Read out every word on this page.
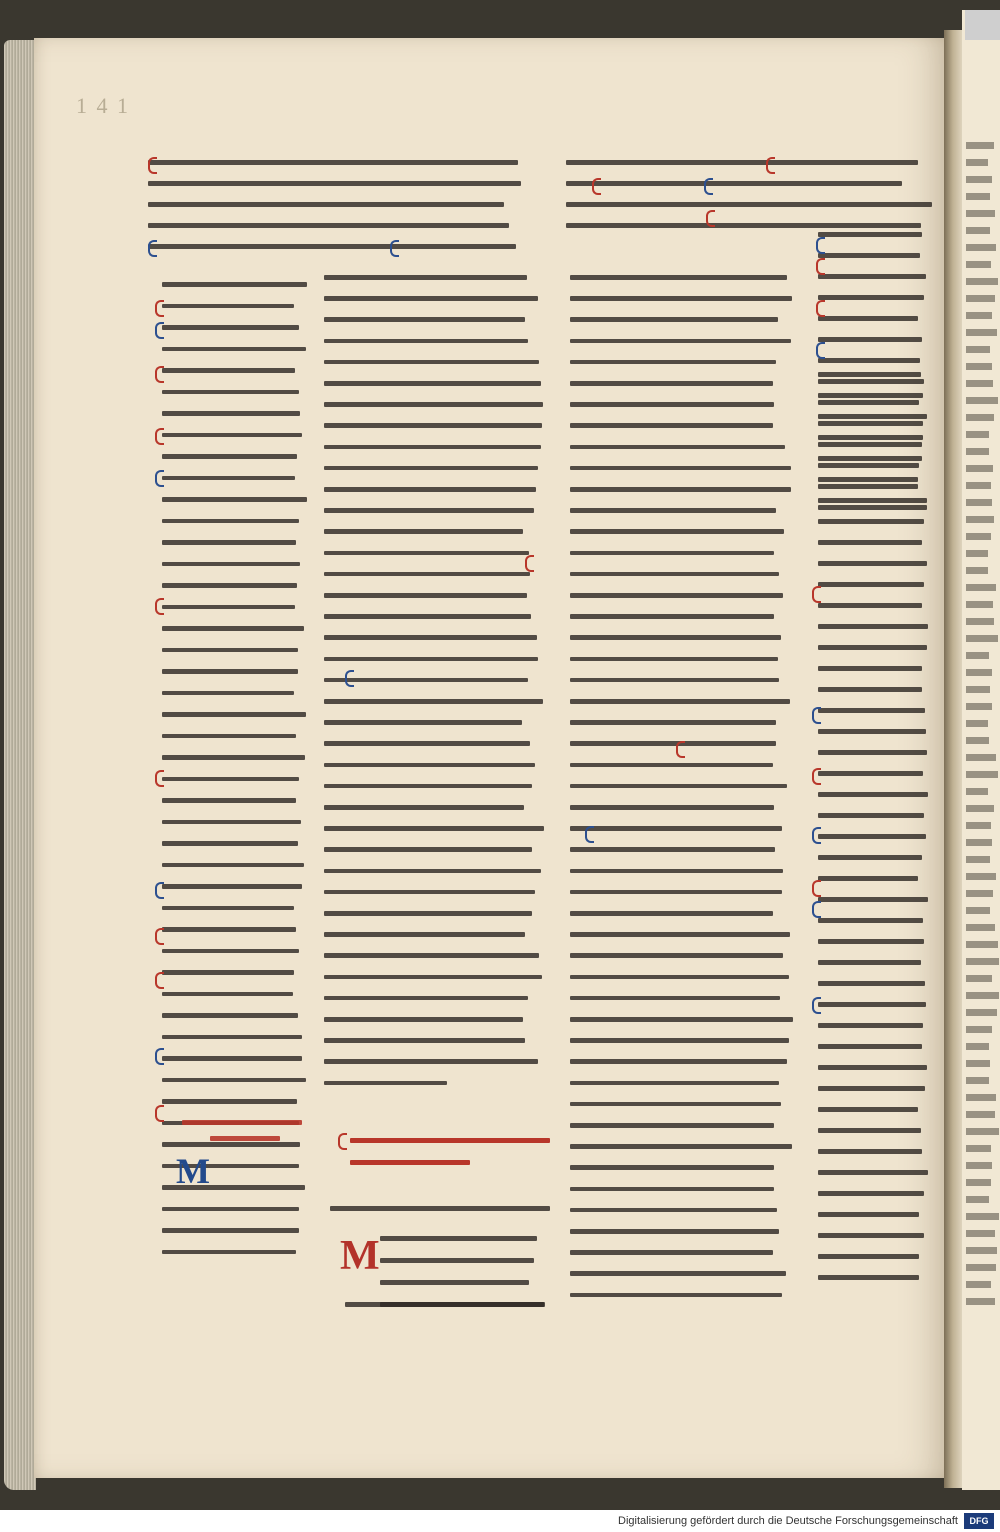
1 4 1
M
M
Digitalisierung gefördert durch die Deutsche Forschungsgemeinschaft	DFG
